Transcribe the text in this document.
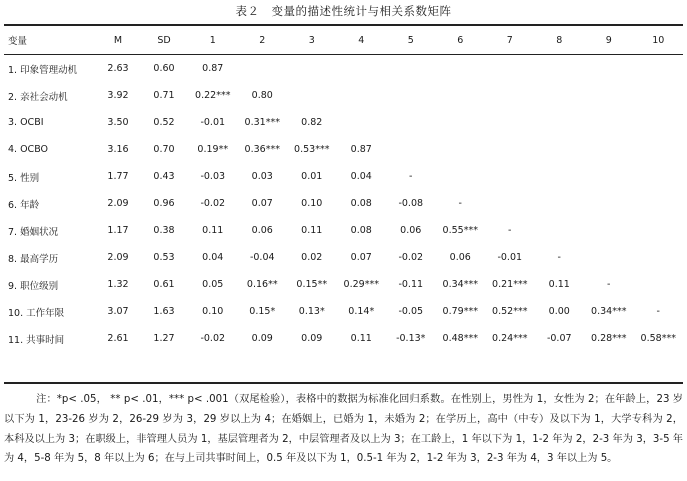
表２　变量的描述性统计与相关系数矩阵
变量	M	SD	1	2	3	4	5	6	7	8	9	10
1. 印象管理动机	2.63	0.60	0.87									
2. 亲社会动机	3.92	0.71	0.22***	0.80								
3. OCBI	3.50	0.52	-0.01	0.31***	0.82							
4. OCBO	3.16	0.70	0.19**	0.36***	0.53***	0.87						
5. 性别	1.77	0.43	-0.03	0.03	0.01	0.04	-					
6. 年龄	2.09	0.96	-0.02	0.07	0.10	0.08	-0.08	-				
7. 婚姻状况	1.17	0.38	0.11	0.06	0.11	0.08	0.06	0.55***	-			
8. 最高学历	2.09	0.53	0.04	-0.04	0.02	0.07	-0.02	0.06	-0.01	-		
9. 职位级别	1.32	0.61	0.05	0.16**	0.15**	0.29***	-0.11	0.34***	0.21***	0.11	-	
10. 工作年限	3.07	1.63	0.10	0.15*	0.13*	0.14*	-0.05	0.79***	0.52***	0.00	0.34***	-
11. 共事时间	2.61	1.27	-0.02	0.09	0.09	0.11	-0.13*	0.48***	0.24***	-0.07	0.28***	0.58***
注：*p< .05， ** p< .01，*** p< .001（双尾检验），表格中的数据为标准化回归系数。在性别上，男性为 1，女性为 2；在年龄上，23 岁以下为 1，23-26 岁为 2，26-29 岁为 3，29 岁以上为 4；在婚姻上，已婚为 1，未婚为 2；在学历上，高中（中专）及以下为 1，大学专科为 2，本科及以上为 3；在职级上，非管理人员为 1，基层管理者为 2，中层管理者及以上为 3；在工龄上，1 年以下为 1，1-2 年为 2，2-3 年为 3，3-5 年为 4，5-8 年为 5，8 年以上为 6；在与上司共事时间上，0.5 年及以下为 1，0.5-1 年为 2，1-2 年为 3，2-3 年为 4，3 年以上为 5。
